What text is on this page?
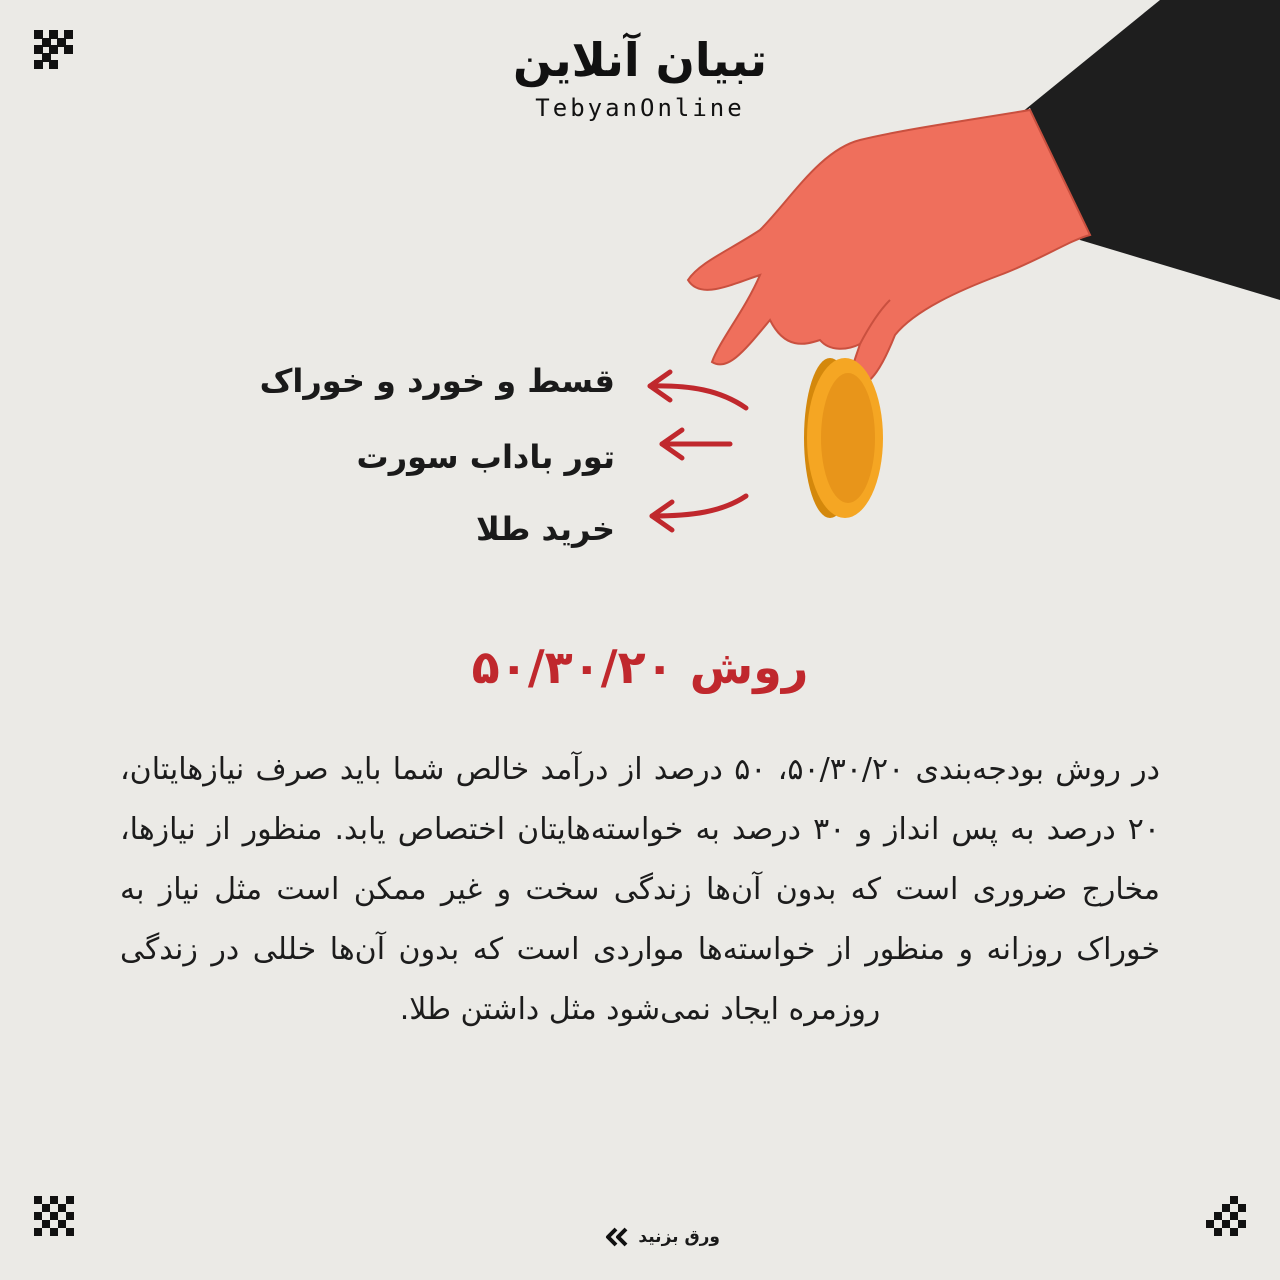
تبیان آنلاین
TebyanOnline
قسط و خورد و خوراک
تور باداب سورت
خرید طلا
روش ۵۰/۳۰/۲۰
در روش بودجه‌بندی ۵۰/۳۰/۲۰، ۵۰ درصد از درآمد خالص شما باید صرف نیازهایتان، ۲۰ درصد به پس انداز و ۳۰ درصد به خواسته‌هایتان اختصاص یابد. منظور از نیازها، مخارج ضروری است که بدون آن‌ها زندگی سخت و غیر ممکن است مثل نیاز به خوراک روزانه و منظور از خواسته‌ها مواردی است که بدون آن‌ها خللی در زندگی روزمره ایجاد نمی‌شود مثل داشتن طلا.
ورق بزنید
